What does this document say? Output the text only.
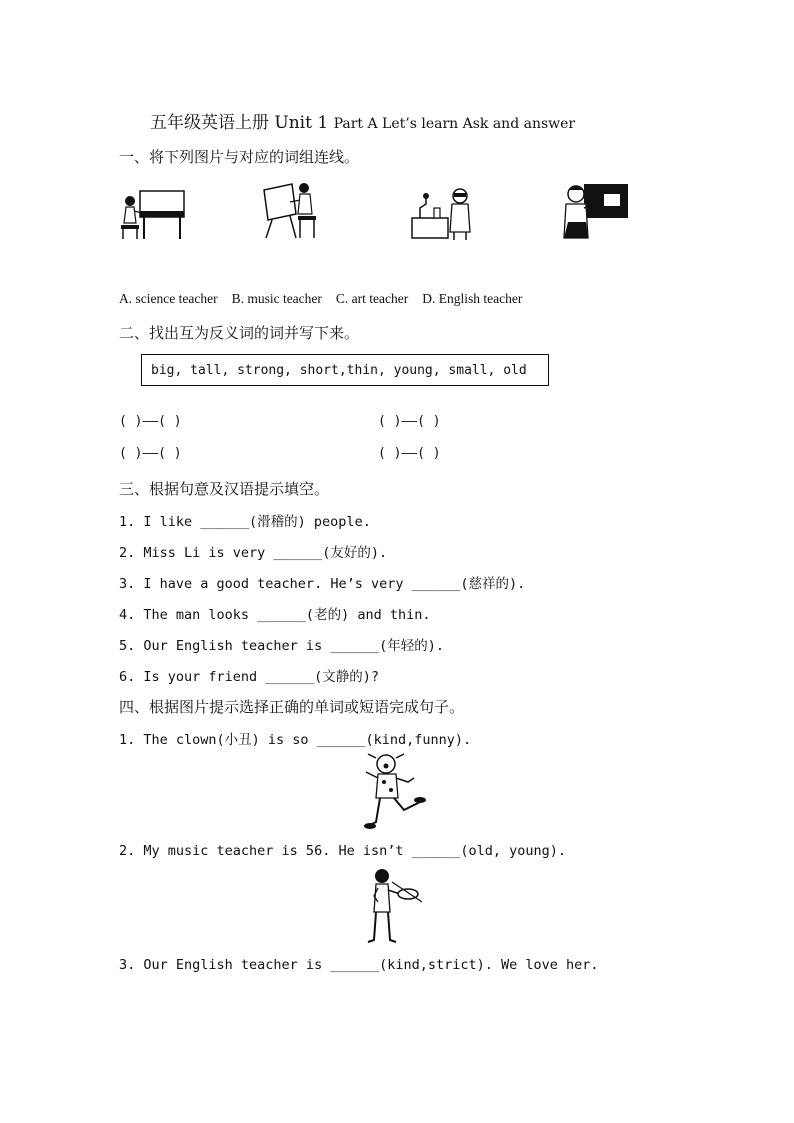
五年级英语上册 Unit 1 Part A Let’s learn Ask and answer
一、将下列图片与对应的词组连线。
A. science teacher B. music teacher C. art teacher D. English teacher
二、找出互为反义词的词并写下来。
big, tall, strong, short,thin, young, small, old
( )——( )	( )——( )
( )——( )	( )——( )
三、根据句意及汉语提示填空。
1. I like ______(滑稽的) people.
2. Miss Li is very ______(友好的).
3. I have a good teacher. He’s very ______(慈祥的).
4. The man looks ______(老的) and thin.
5. Our English teacher is ______(年轻的).
6. Is your friend ______(文静的)?
四、根据图片提示选择正确的单词或短语完成句子。
1. The clown(小丑) is so ______(kind,funny).
2. My music teacher is 56. He isn’t ______(old, young).
3. Our English teacher is ______(kind,strict). We love her.
